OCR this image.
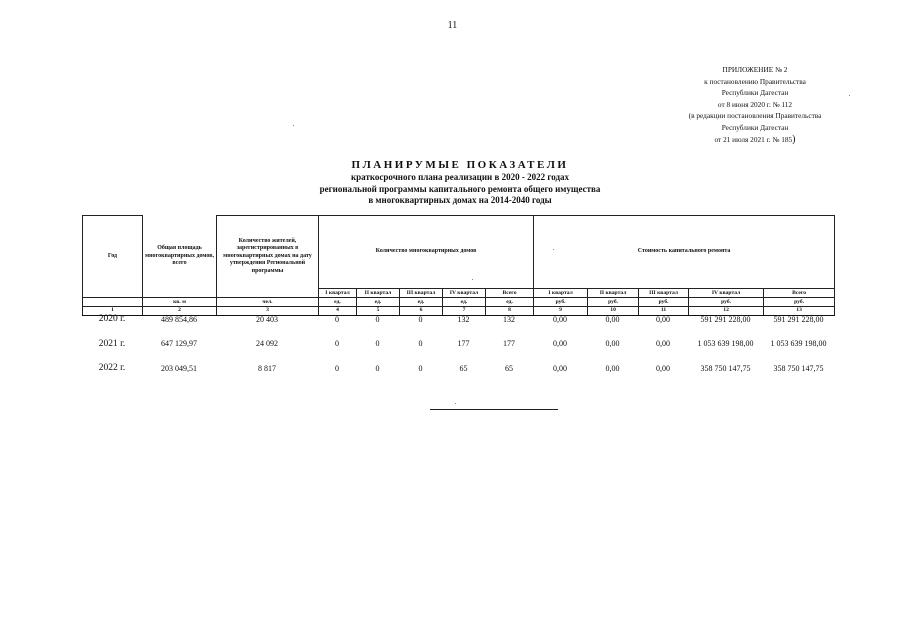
11
ПРИЛОЖЕНИЕ № 2
к постановлению Правительства
Республики Дагестан
от 8 июня 2020 г. № 112
(в редакции постановления Правительства
Республики Дагестан
от 21 июля 2021 г. № 185)
ПЛАНИРУМЫЕ ПОКАЗАТЕЛИ
краткосрочного плана реализации в 2020 - 2022 годах
региональной программы капитального ремонта общего имущества
в многоквартирных домах на 2014-2040 годы
Год	Общая площадь многоквартирных домов, всего	Количество жителей, зарегистрированных в многоквартирных домах на дату утверждения Региональной программы	Количество многоквартирных домов					Стоимость капитального ремонта				
			I квартал	II квартал	III квартал	IV квартал	Всего	I квартал	II квартал	III квартал	IV квартал	Всего
	кв. м	чел.	ед.	ед.	ед.	ед.	ед.	руб.	руб.	руб.	руб.	руб.
1	2	3	4	5	6	7	8	9	10	11	12	13
2020 г.	489 854,86	20 403	0	0	0	132	132	0,00	0,00	0,00	591 291 228,00	591 291 228,00
2021 г.	647 129,97	24 092	0	0	0	177	177	0,00	0,00	0,00	1 053 639 198,00	1 053 639 198,00
2022 г.	203 049,51	8 817	0	0	0	65	65	0,00	0,00	0,00	358 750 147,75	358 750 147,75
